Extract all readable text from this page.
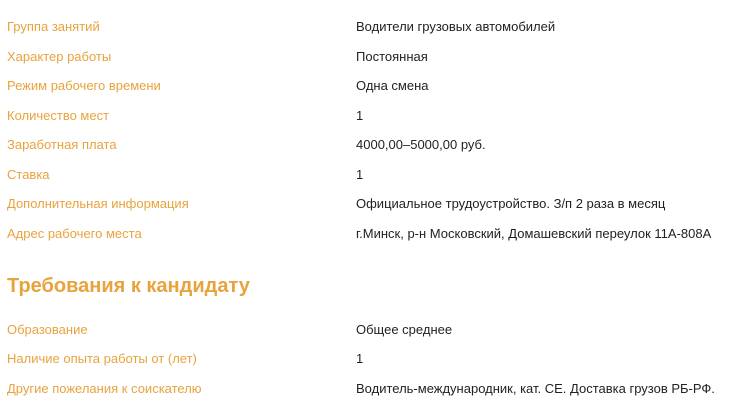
Группа занятий	Водители грузовых автомобилей
Характер работы	Постоянная
Режим рабочего времени	Одна смена
Количество мест	1
Заработная плата	4000,00–5000,00 руб.
Ставка	1
Дополнительная информация	Официальное трудоустройство. З/п 2 раза в месяц
Адрес рабочего места	г.Минск, р-н Московский, Домашевский переулок 11А-808А
Требования к кандидату
Образование	Общее среднее
Наличие опыта работы от (лет)	1
Другие пожелания к соискателю	Водитель-международник, кат. СЕ. Доставка грузов РБ-РФ.
